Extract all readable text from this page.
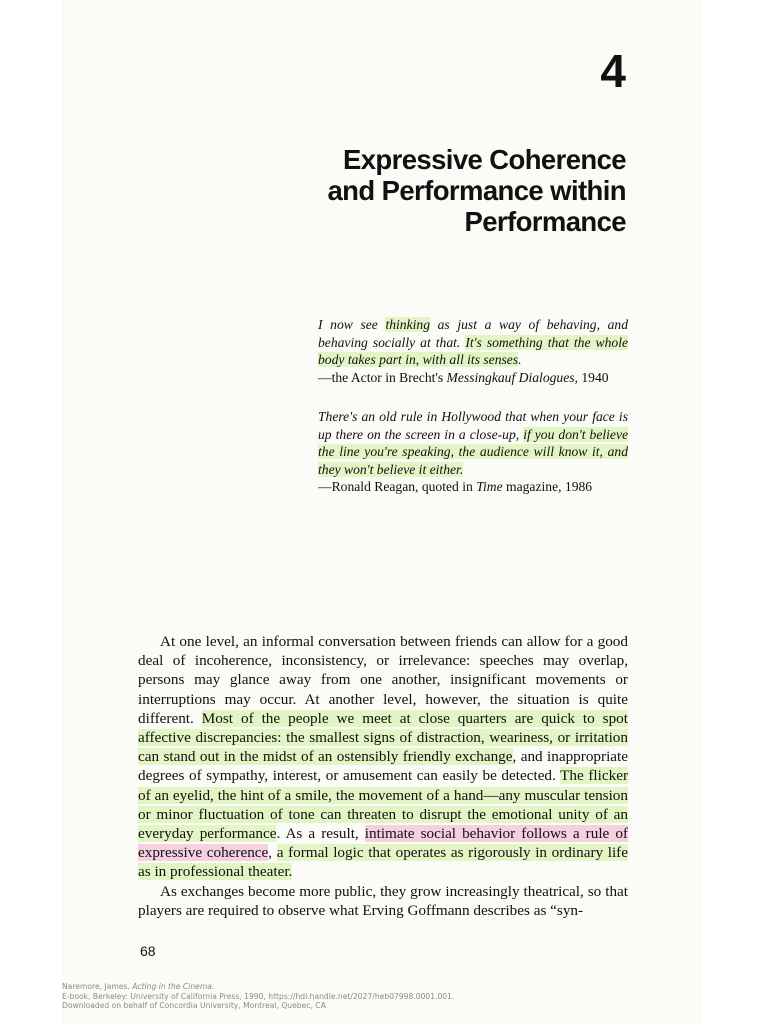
4
Expressive Coherence
and Performance within
Performance
I now see thinking as just a way of behaving, and behaving socially at that. It's something that the whole body takes part in, with all its senses.
—the Actor in Brecht's Messingkauf Dialogues, 1940
There's an old rule in Hollywood that when your face is up there on the screen in a close-up, if you don't believe the line you're speaking, the audience will know it, and they won't believe it either.
—Ronald Reagan, quoted in Time magazine, 1986

At one level, an informal conversation between friends can allow for a good deal of incoherence, inconsistency, or irrelevance: speeches may overlap, persons may glance away from one another, insignificant movements or interruptions may occur. At another level, however, the situation is quite different. Most of the people we meet at close quarters are quick to spot affective discrepancies: the smallest signs of distraction, weariness, or irritation can stand out in the midst of an ostensibly friendly exchange, and inappropriate degrees of sympathy, interest, or amusement can easily be detected. The flicker of an eyelid, the hint of a smile, the movement of a hand—any muscular tension or minor fluctuation of tone can threaten to disrupt the emotional unity of an everyday performance. As a result, intimate social behavior follows a rule of expressive coherence, a formal logic that operates as rigorously in ordinary life as in professional theater.

As exchanges become more public, they grow increasingly theatrical, so that players are required to observe what Erving Goffmann describes as “syn-

68
Naremore, James. Acting in the Cinema.
E-book, Berkeley: University of California Press, 1990, https://hdl.handle.net/2027/heb07998.0001.001.
Downloaded on behalf of Concordia University, Montreal, Quebec, CA
